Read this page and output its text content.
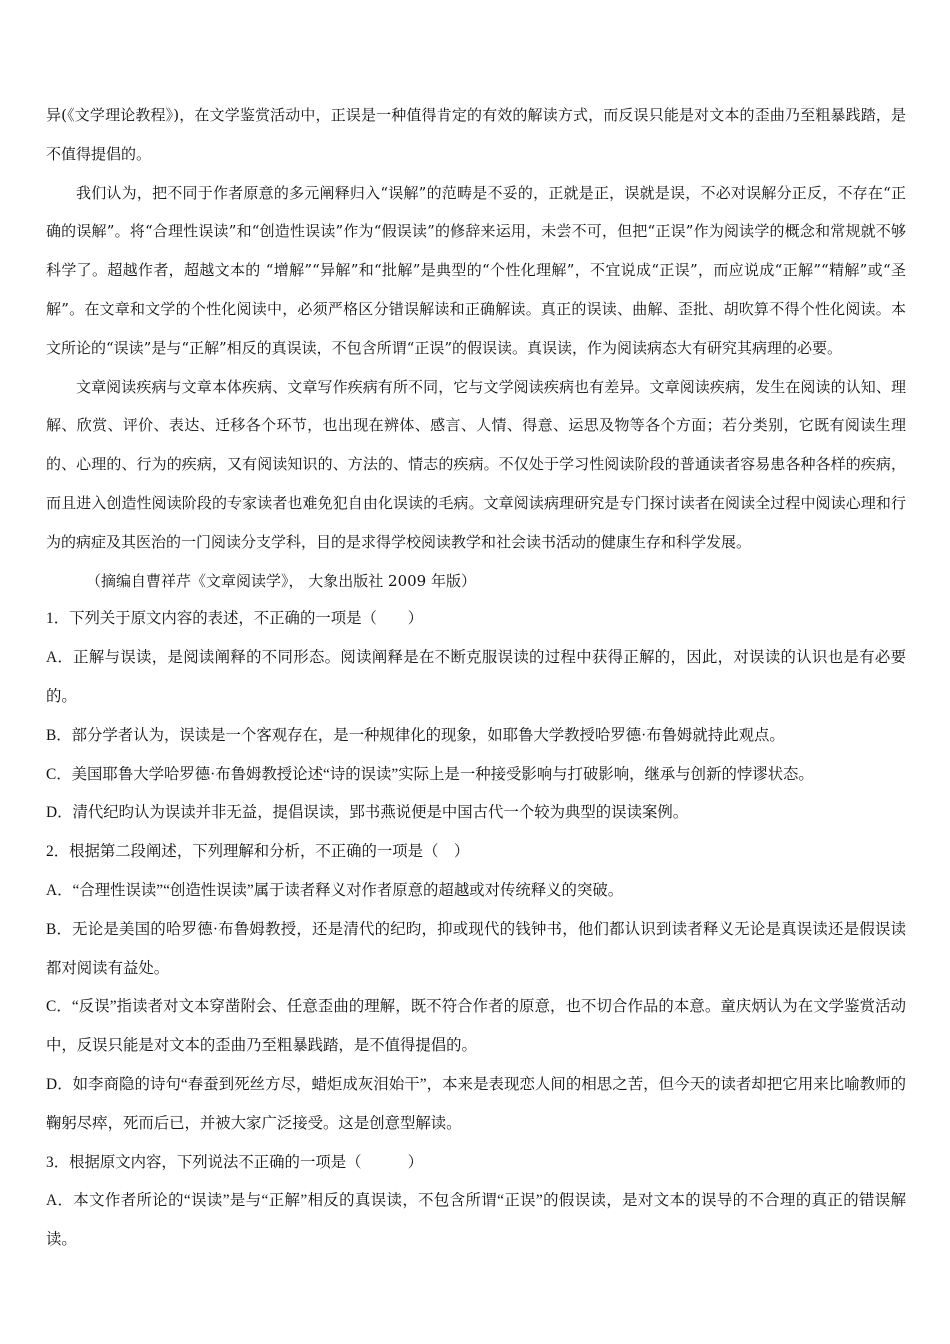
异(《文学理论教程》)，在文学鉴赏活动中，正误是一种值得肯定的有效的解读方式，而反误只能是对文本的歪曲乃至粗暴践踏，是不值得提倡的。

我们认为，把不同于作者原意的多元阐释归入“误解”的范畴是不妥的，正就是正，误就是误，不必对误解分正反，不存在“正确的误解”。将“合理性误读”和“创造性误读”作为“假误读”的修辞来运用，未尝不可，但把“正误”作为阅读学的概念和常规就不够科学了。超越作者，超越文本的 “增解”“异解”和“批解”是典型的“个性化理解”，不宜说成“正误”，而应说成“正解”“精解”或“圣解”。在文章和文学的个性化阅读中，必须严格区分错误解读和正确解读。真正的误读、曲解、歪批、胡吹算不得个性化阅读。本文所论的“误读”是与“正解”相反的真误读，不包含所谓“正误”的假误读。真误读，作为阅读病态大有研究其病理的必要。

文章阅读疾病与文章本体疾病、文章写作疾病有所不同，它与文学阅读疾病也有差异。文章阅读疾病，发生在阅读的认知、理解、欣赏、评价、表达、迁移各个环节，也出现在辨体、感言、人情、得意、运思及物等各个方面；若分类别，它既有阅读生理的、心理的、行为的疾病，又有阅读知识的、方法的、情志的疾病。不仅处于学习性阅读阶段的普通读者容易患各种各样的疾病，而且进入创造性阅读阶段的专家读者也难免犯自由化误读的毛病。文章阅读病理研究是专门探讨读者在阅读全过程中阅读心理和行为的病症及其医治的一门阅读分支学科，目的是求得学校阅读教学和社会读书活动的健康生存和科学发展。

（摘编自曹祥芹《文章阅读学》， 大象出版社 2009 年版）

1．下列关于原文内容的表述，不正确的一项是（　　）

A．正解与误读，是阅读阐释的不同形态。阅读阐释是在不断克服误读的过程中获得正解的，因此，对误读的认识也是有必要的。

B．部分学者认为，误读是一个客观存在，是一种规律化的现象，如耶鲁大学教授哈罗德·布鲁姆就持此观点。

C．美国耶鲁大学哈罗德·布鲁姆教授论述“诗的误读”实际上是一种接受影响与打破影响，继承与创新的悖谬状态。

D．清代纪昀认为误读并非无益，提倡误读，郢书燕说便是中国古代一个较为典型的误读案例。

2．根据第二段阐述，下列理解和分析，不正确的一项是（　）

A．“合理性误读”“创造性误读”属于读者释义对作者原意的超越或对传统释义的突破。

B．无论是美国的哈罗德·布鲁姆教授，还是清代的纪昀，抑或现代的钱钟书，他们都认识到读者释义无论是真误读还是假误读都对阅读有益处。

C．“反误”指读者对文本穿凿附会、任意歪曲的理解，既不符合作者的原意，也不切合作品的本意。童庆炳认为在文学鉴赏活动中，反误只能是对文本的歪曲乃至粗暴践踏，是不值得提倡的。

D．如李商隐的诗句“春蚕到死丝方尽，蜡炬成灰泪始干”，本来是表现恋人间的相思之苦，但今天的读者却把它用来比喻教师的鞠躬尽瘁，死而后已，并被大家广泛接受。这是创意型解读。

3．根据原文内容，下列说法不正确的一项是（　　　）

A．本文作者所论的“误读”是与“正解”相反的真误读，不包含所谓“正误”的假误读，是对文本的误导的不合理的真正的错误解读。
